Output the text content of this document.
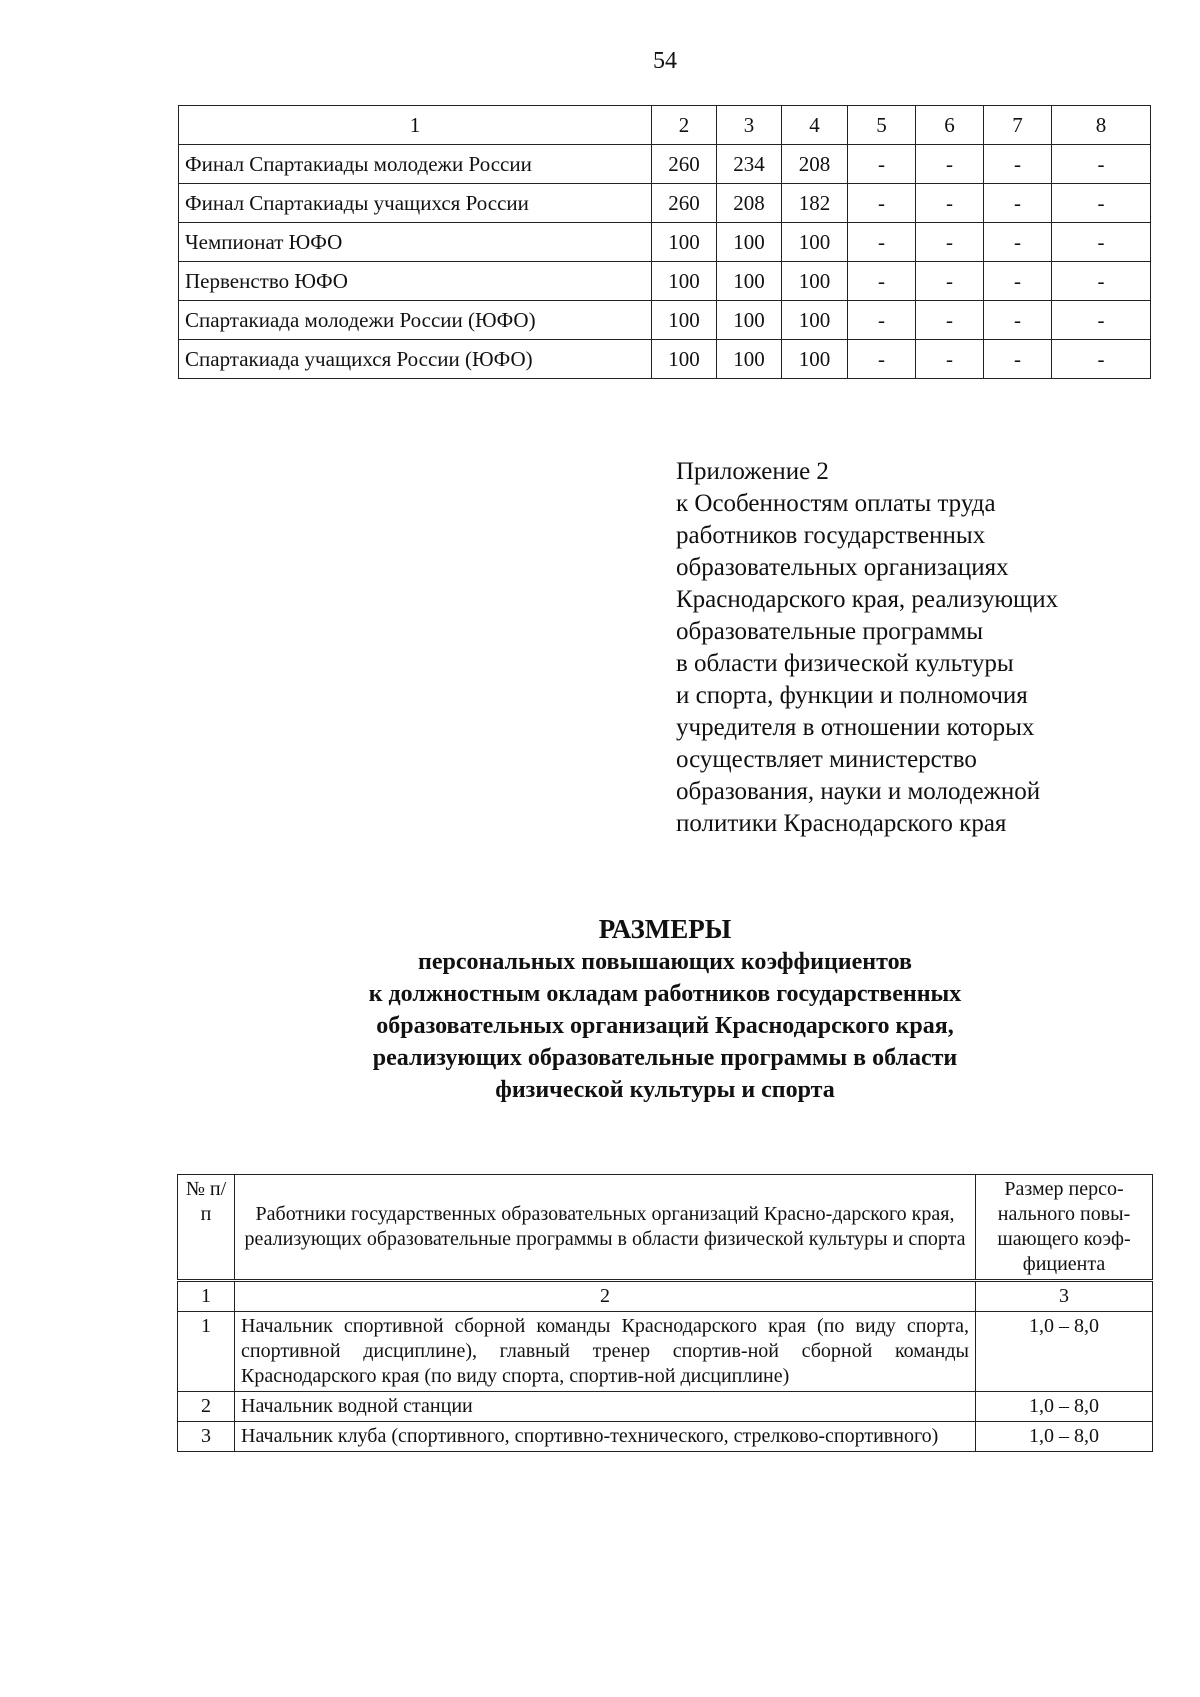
54
1	2	3	4	5	6	7	8
Финал Спартакиады молодежи России	260	234	208	-	-	-	-
Финал Спартакиады учащихся России	260	208	182	-	-	-	-
Чемпионат ЮФО	100	100	100	-	-	-	-
Первенство ЮФО	100	100	100	-	-	-	-
Спартакиада молодежи России (ЮФО)	100	100	100	-	-	-	-
Спартакиада учащихся России (ЮФО)	100	100	100	-	-	-	-
Приложение 2
к Особенностям оплаты труда
работников государственных
образовательных организациях
Краснодарского края, реализующих
образовательные программы
в области физической культуры
и спорта, функции и полномочия
учредителя в отношении которых
осуществляет министерство
образования, науки и молодежной
политики Краснодарского края
РАЗМЕРЫ
персональных повышающих коэффициентов
к должностным окладам работников государственных
образовательных организаций Краснодарского края,
реализующих образовательные программы в области
физической культуры и спорта
№ п/п	Работники государственных образовательных организаций Красно-дарского края, реализующих образовательные программы в области физической культуры и спорта	Размер персо-нального повы-шающего коэф-фициента
1	2	3
1	Начальник спортивной сборной команды Краснодарского края (по виду спорта, спортивной дисциплине), главный тренер спортив-ной сборной команды Краснодарского края (по виду спорта, спортив-ной дисциплине)	1,0 – 8,0
2	Начальник водной станции	1,0 – 8,0
3	Начальник клуба (спортивного, спортивно-технического, стрелково-спортивного)	1,0 – 8,0
